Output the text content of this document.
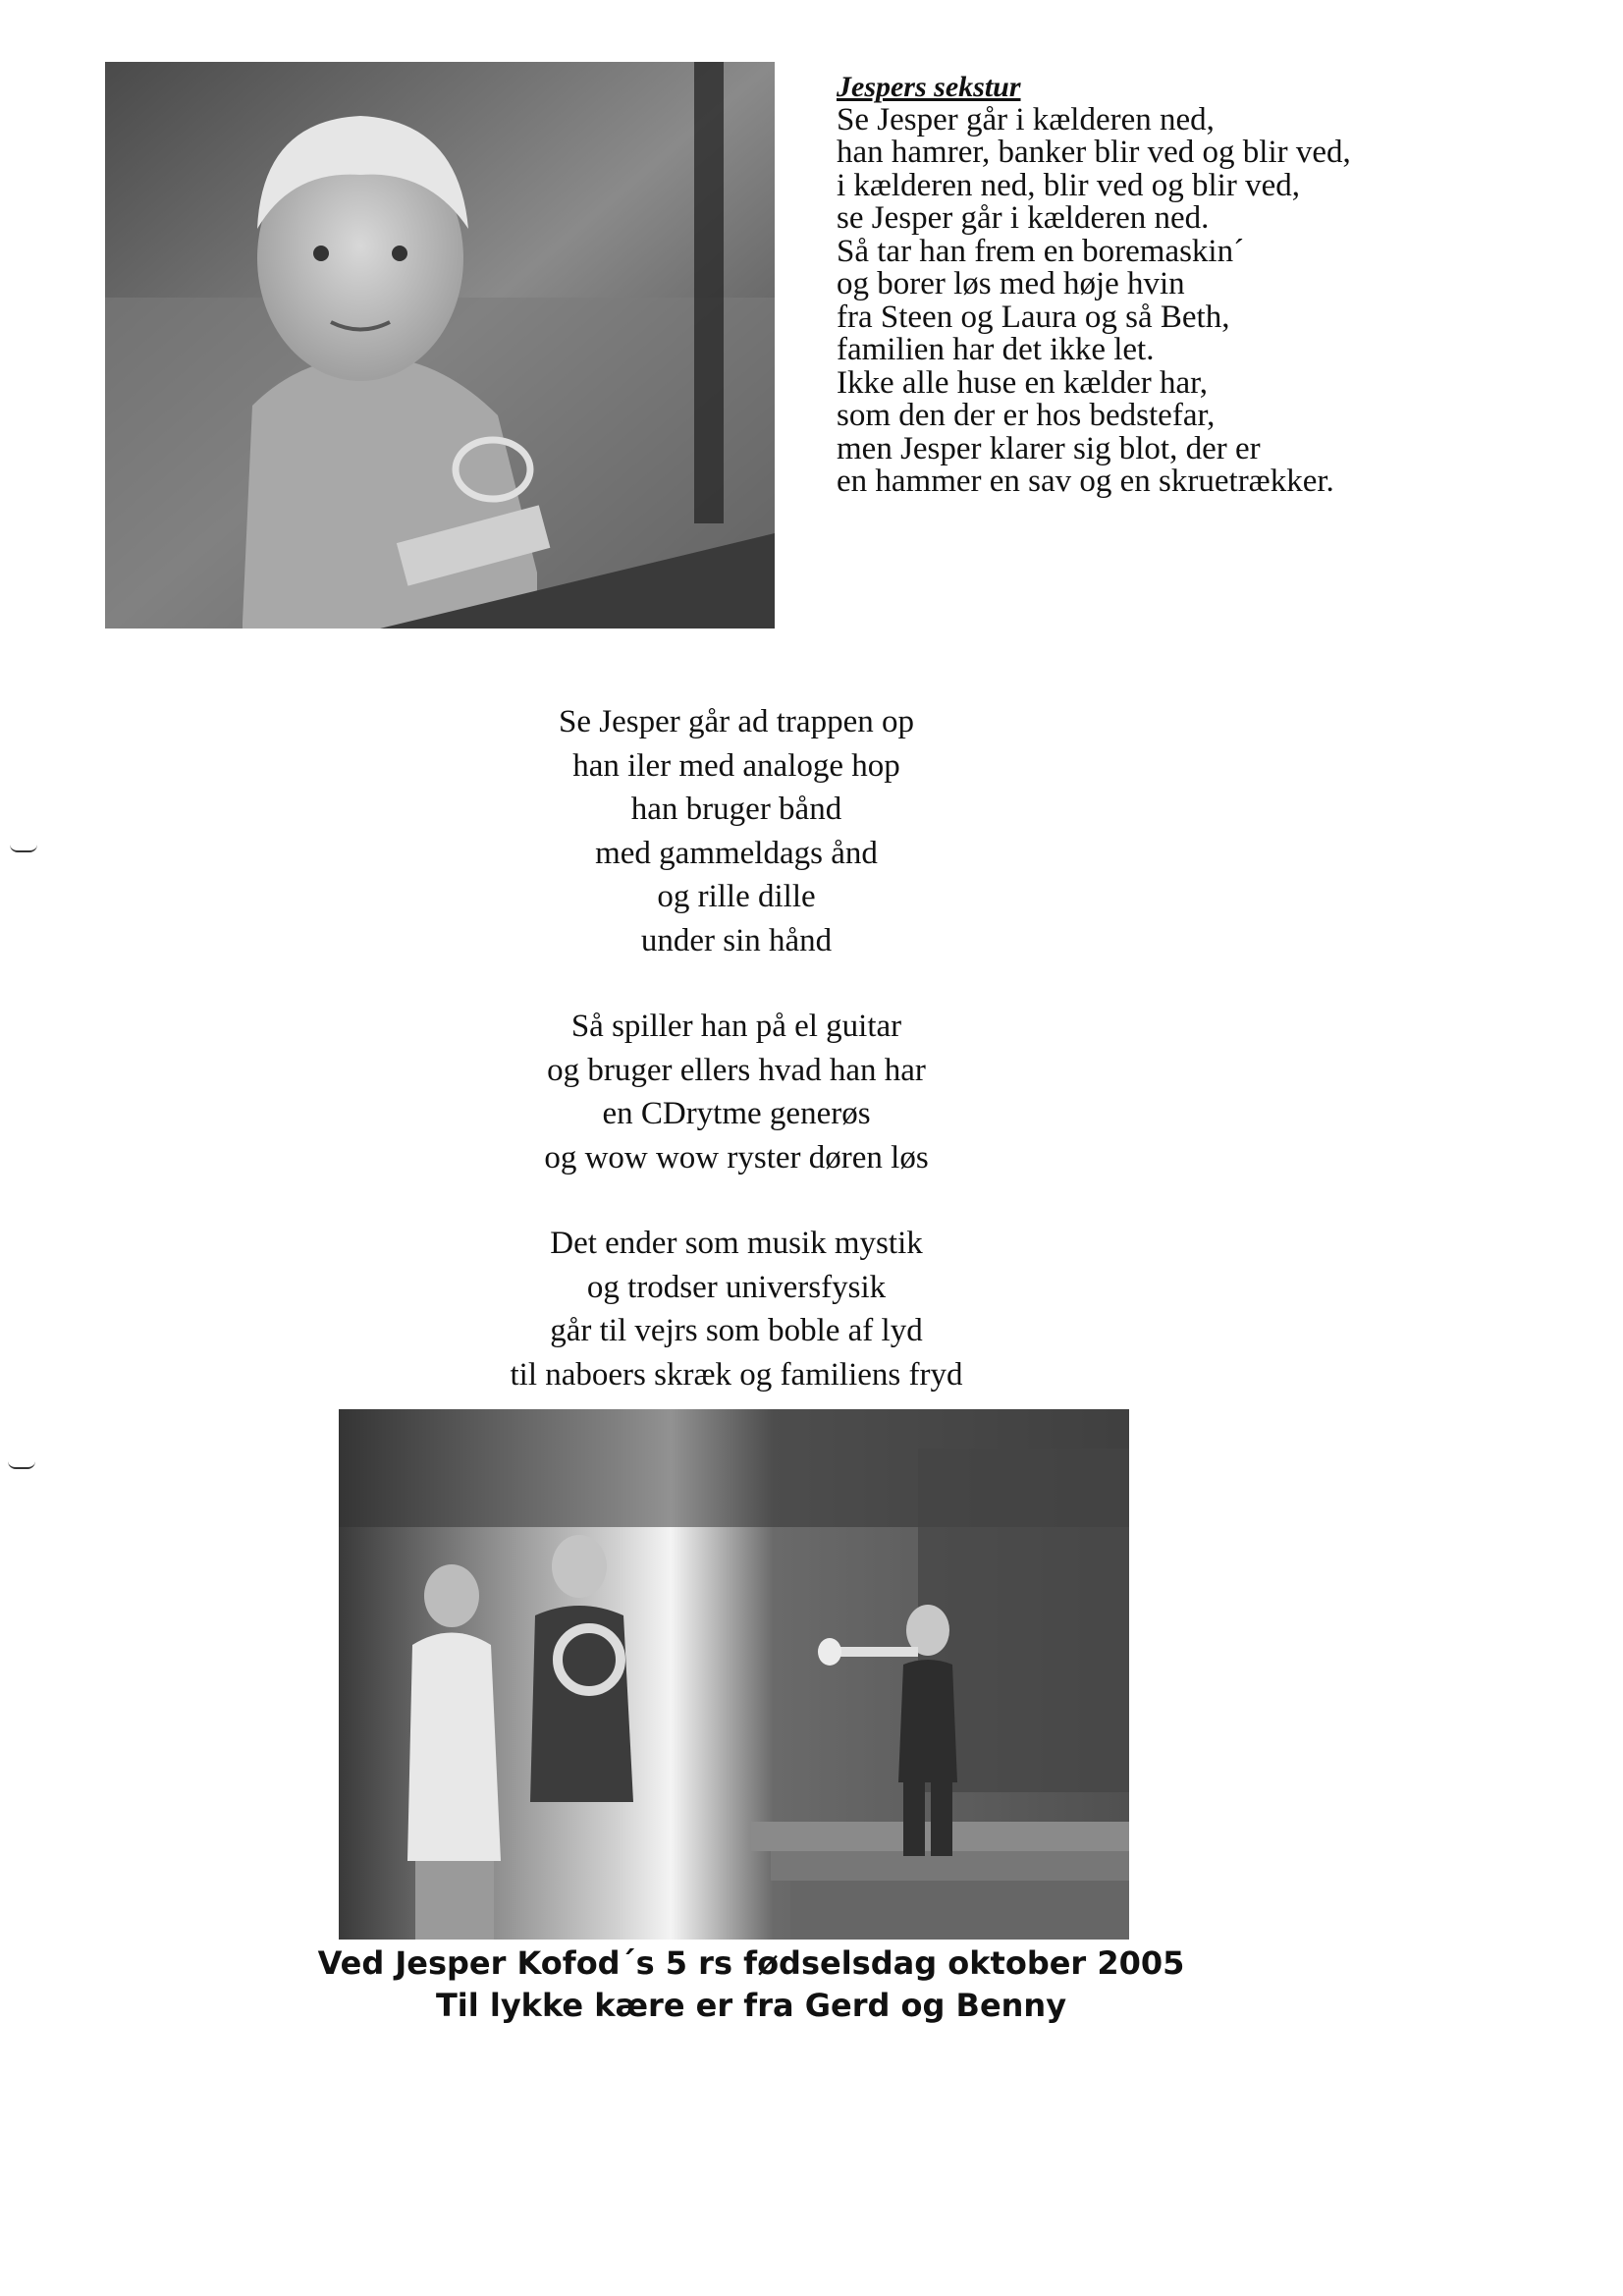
Jespers sekstur
Se Jesper går i kælderen ned,
han hamrer, banker blir ved og blir ved,
i kælderen ned, blir ved og blir ved,
se Jesper går i kælderen ned.
Så tar han frem en boremaskin´
og borer løs med høje hvin
fra Steen og Laura og så Beth,
familien har det ikke let.
Ikke alle huse en kælder har,
som den der er hos bedstefar,
men Jesper klarer sig blot, der er
en hammer en sav og en skruetrækker.
Se Jesper går ad trappen op
han iler med analoge hop
han bruger bånd
med gammeldags ånd
og rille dille
under sin hånd
Så spiller han på el guitar
og bruger ellers hvad han har
en CDrytme generøs
og wow wow ryster døren løs
Det ender som musik mystik
og trodser universfysik
går til vejrs som boble af lyd
til naboers skræk og familiens fryd
Ved Jesper Kofod´s 5 rs fødselsdag oktober 2005
Til lykke kære er fra Gerd og Benny
